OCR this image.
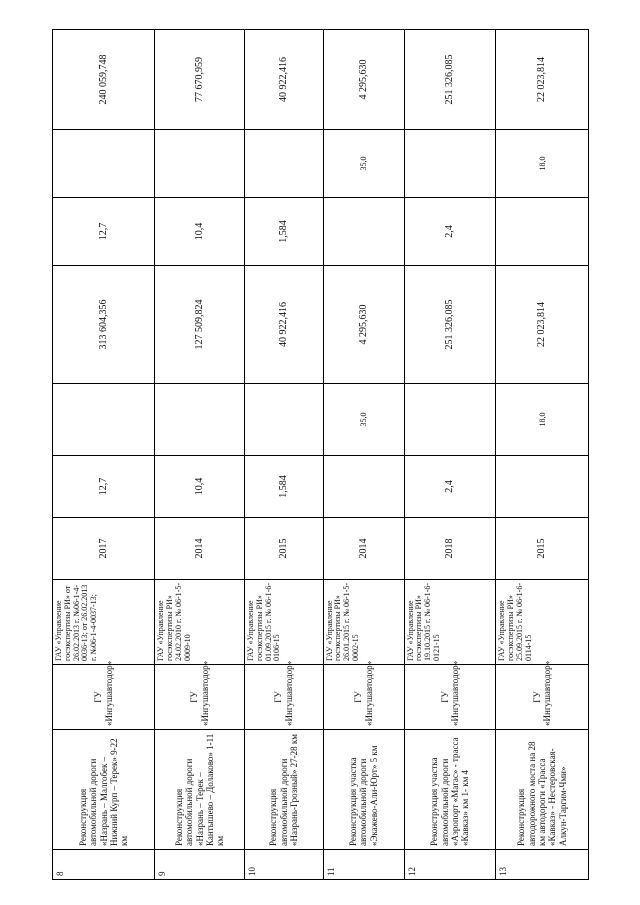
8	Реконструкция автомобильной дороги «Назрань – Малгобек – Нижний Курп – Терек» 9-22 км	ГУ «Ингушавтодор»	ГАУ «Управление госэкспертизы РИ» от 26.02.2013 г. №06-1-4-0036-13; от 26.02.2013 г. №06-1-4-0037-13;	2017	12,7		313 604,356	12,7		240 059,748
9	Реконструкция автомобильной дороги «Назрань – Терек – Кантышево – Долаково» 1-11 км	ГУ «Ингушавтодор»	ГАУ «Управление госэкспертизы РИ» 24.02.2010 г. № 06-1-5-0009-10	2014	10,4		127 509,824	10,4		77 670,959
10	Реконструкция автомобильной дороги «Назрань-Грозный» 27-28 км	ГУ «Ингушавтодор»	ГАУ «Управление госэкспертизы РИ» 01.09.2015 г. № 06-1-6-0106-15	2015	1,584		40 922,416	1,584		40 922,416
11	Реконструкция участка автомобильной дороги «Экажево-Али-Юрт» 5 км	ГУ «Ингушавтодор»	ГАУ «Управление госэкспертизы РИ» 26.01.2015 г. № 06-1-5-0002-15	2014		35,0	4 295,630		35,0	4 295,630
12	Реконструкция участка автомобильной дороги «Аэропорт «Магас» - трасса «Кавказ» км 1- км 4	ГУ «Ингушавтодор»	ГАУ «Управление госэкспертизы РИ» 19.10.2015 г. № 06-1-6-0121-15	2018	2,4		251 326,085	2,4		251 326,085
13	Реконструкция автодорожного моста на 28 км автодороги «Трасса «Кавказ» - Нестеровская-Алкун-Таргим-Чми»	ГУ «Ингушавтодор»	ГАУ «Управление госэкспертизы РИ» 25.09.2015 г. № 06-1-6-0114-15	2015		18,0	22 023,814		18,0	22 023,814
